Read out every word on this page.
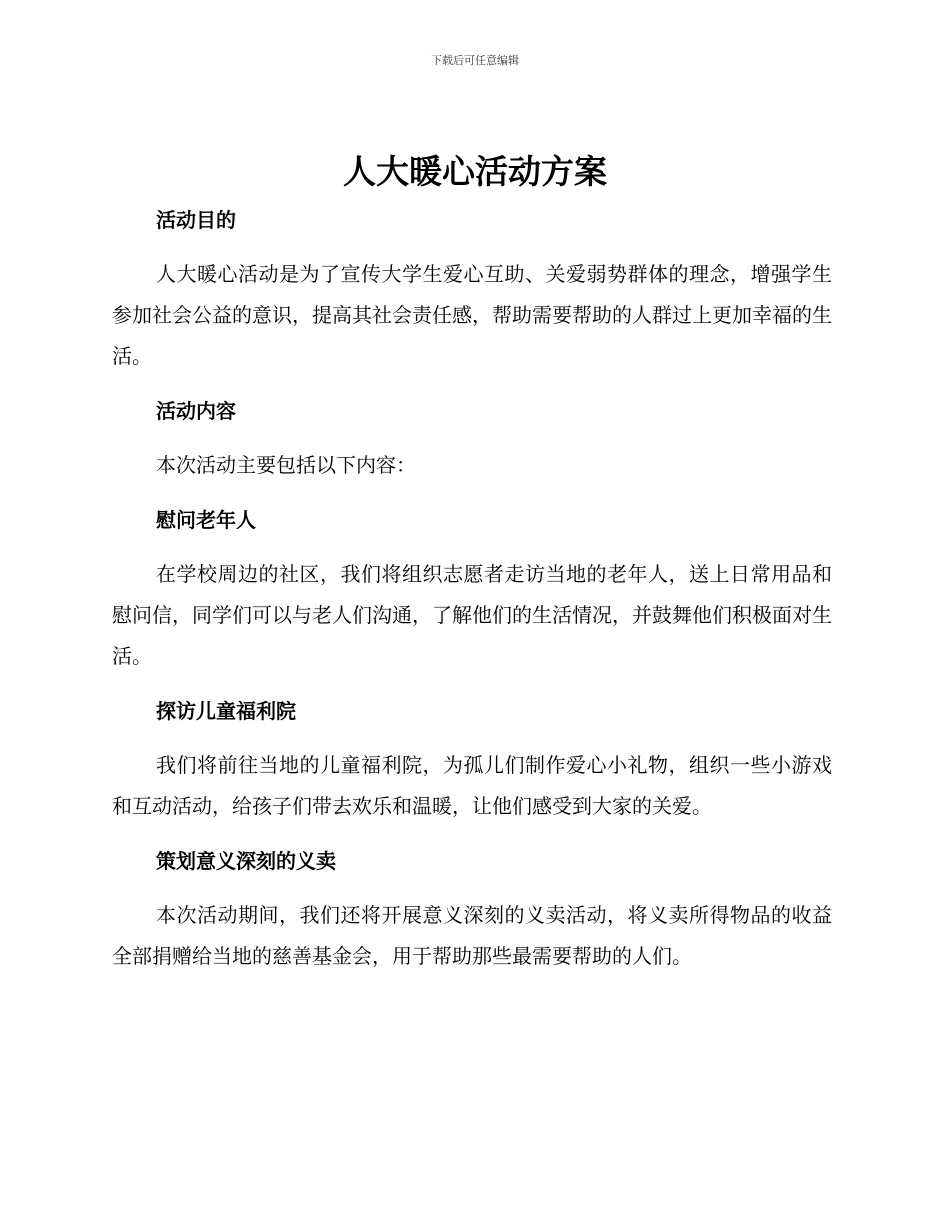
下载后可任意编辑
人大暖心活动方案
活动目的

人大暖心活动是为了宣传大学生爱心互助、关爱弱势群体的理念，增强学生参加社会公益的意识，提高其社会责任感，帮助需要帮助的人群过上更加幸福的生活。

活动内容

本次活动主要包括以下内容：

慰问老年人

在学校周边的社区，我们将组织志愿者走访当地的老年人，送上日常用品和慰问信，同学们可以与老人们沟通，了解他们的生活情况，并鼓舞他们积极面对生活。

探访儿童福利院

我们将前往当地的儿童福利院，为孤儿们制作爱心小礼物，组织一些小游戏和互动活动，给孩子们带去欢乐和温暖，让他们感受到大家的关爱。

策划意义深刻的义卖

本次活动期间，我们还将开展意义深刻的义卖活动，将义卖所得物品的收益全部捐赠给当地的慈善基金会，用于帮助那些最需要帮助的人们。
